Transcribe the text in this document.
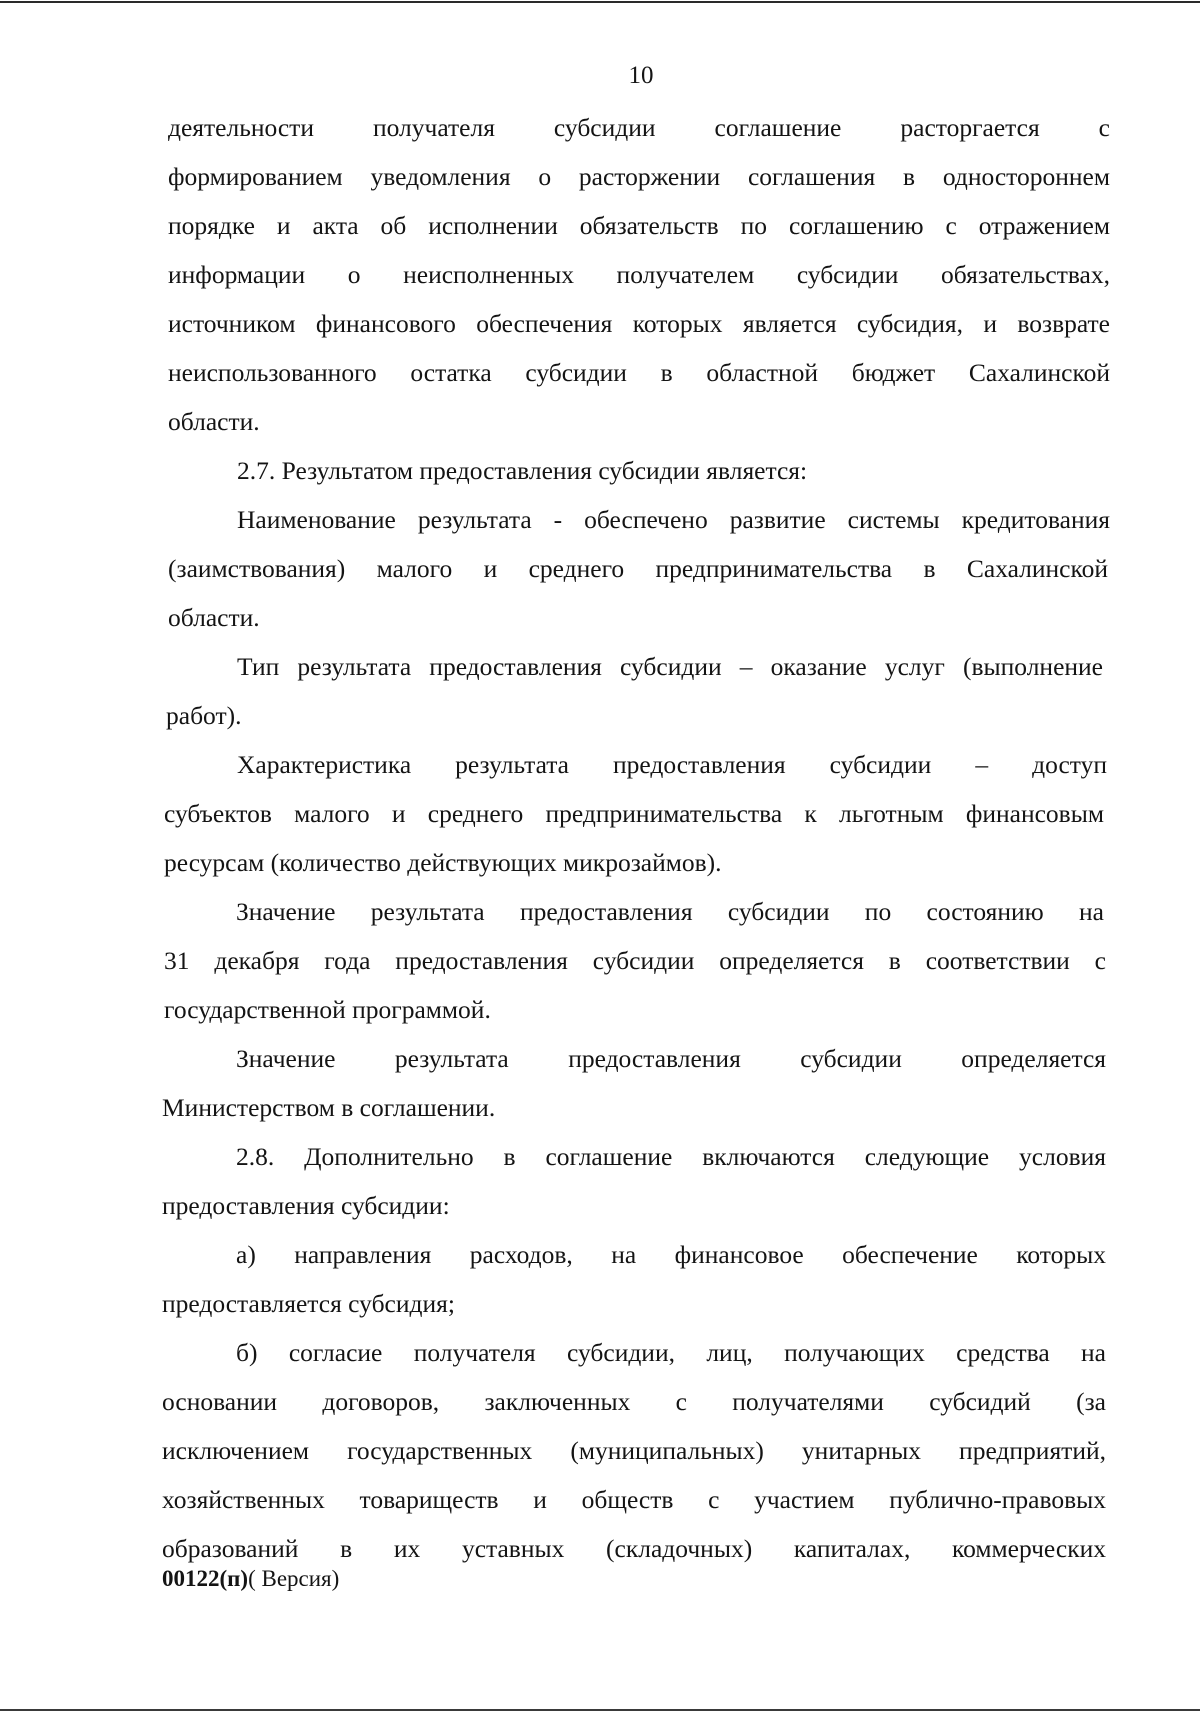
10
деятельности получателя субсидии соглашение расторгается с
формированием уведомления о расторжении соглашения в одностороннем
порядке и акта об исполнении обязательств по соглашению с отражением
информации о неисполненных получателем субсидии обязательствах,
источником финансового обеспечения которых является субсидия, и возврате
неиспользованного остатка субсидии в областной бюджет Сахалинской
области.
2.7. Результатом предоставления субсидии является:
Наименование результата - обеспечено развитие системы кредитования
(заимствования) малого и среднего предпринимательства в Сахалинской
области.
Тип результата предоставления субсидии – оказание услуг (выполнение
работ).
Характеристика результата предоставления субсидии – доступ
субъектов малого и среднего предпринимательства к льготным финансовым
ресурсам (количество действующих микрозаймов).
Значение результата предоставления субсидии по состоянию на
31 декабря года предоставления субсидии определяется в соответствии с
государственной программой.
Значение результата предоставления субсидии определяется
Министерством в соглашении.
2.8. Дополнительно в соглашение включаются следующие условия
предоставления субсидии:
а) направления расходов, на финансовое обеспечение которых
предоставляется субсидия;
б) согласие получателя субсидии, лиц, получающих средства на
основании договоров, заключенных с получателями субсидий (за
исключением государственных (муниципальных) унитарных предприятий,
хозяйственных товариществ и обществ с участием публично-правовых
образований в их уставных (складочных) капиталах, коммерческих
00122(п)( Версия)
